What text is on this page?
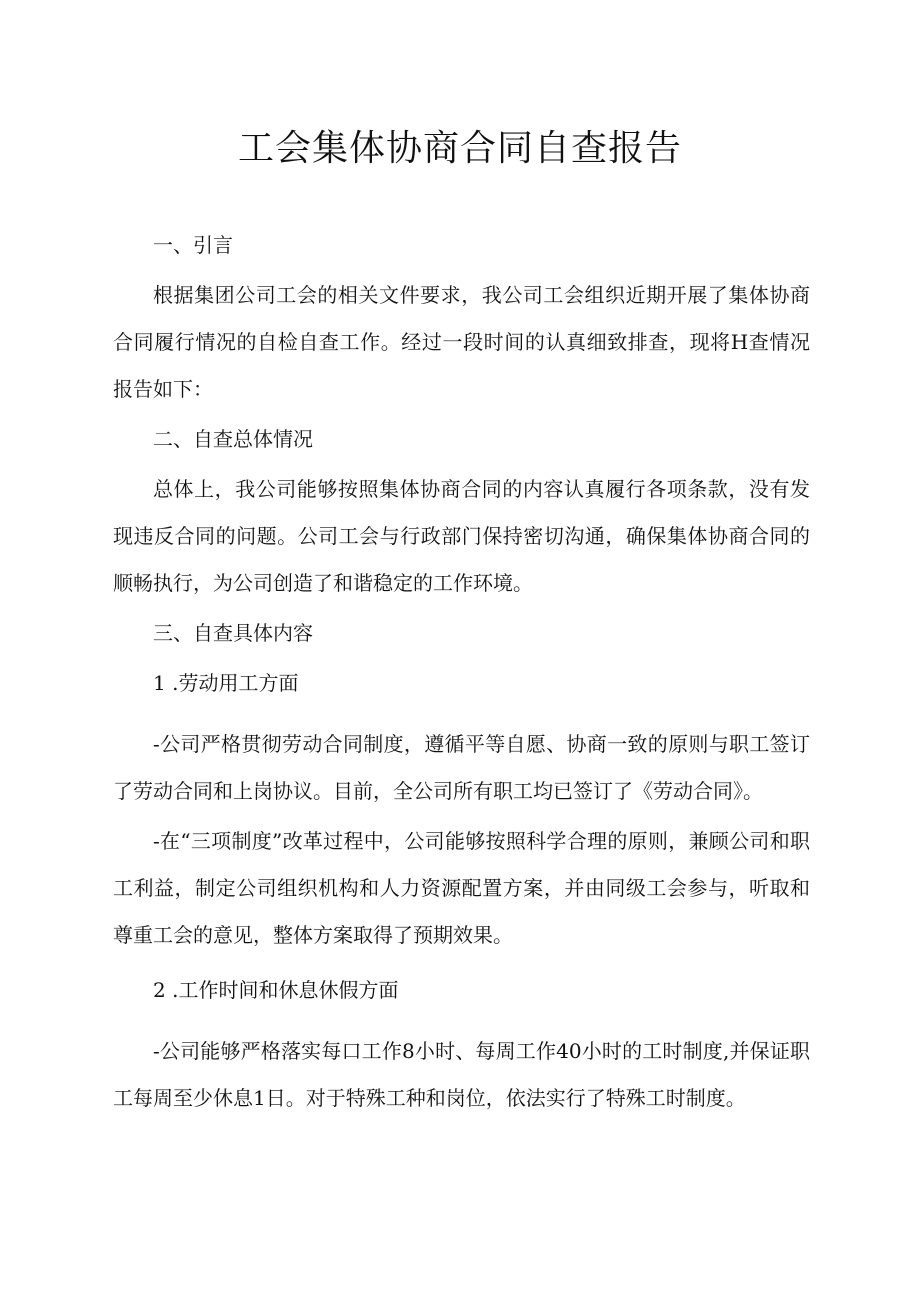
工会集体协商合同自查报告

一、引言

根据集团公司工会的相关文件要求，我公司工会组织近期开展了集体协商合同履行情况的自检自查工作。经过一段时间的认真细致排查，现将H查情况报告如下：

二、自查总体情况

总体上，我公司能够按照集体协商合同的内容认真履行各项条款，没有发现违反合同的问题。公司工会与行政部门保持密切沟通，确保集体协商合同的顺畅执行，为公司创造了和谐稳定的工作环境。

三、自查具体内容

1 .劳动用工方面

-公司严格贯彻劳动合同制度，遵循平等自愿、协商一致的原则与职工签订了劳动合同和上岗协议。目前，全公司所有职工均已签订了《劳动合同》。

-在“三项制度”改革过程中，公司能够按照科学合理的原则，兼顾公司和职工利益，制定公司组织机构和人力资源配置方案，并由同级工会参与，听取和尊重工会的意见，整体方案取得了预期效果。

2 .工作时间和休息休假方面

-公司能够严格落实每口工作8小时、每周工作40小时的工时制度,并保证职工每周至少休息1日。对于特殊工种和岗位，依法实行了特殊工时制度。
